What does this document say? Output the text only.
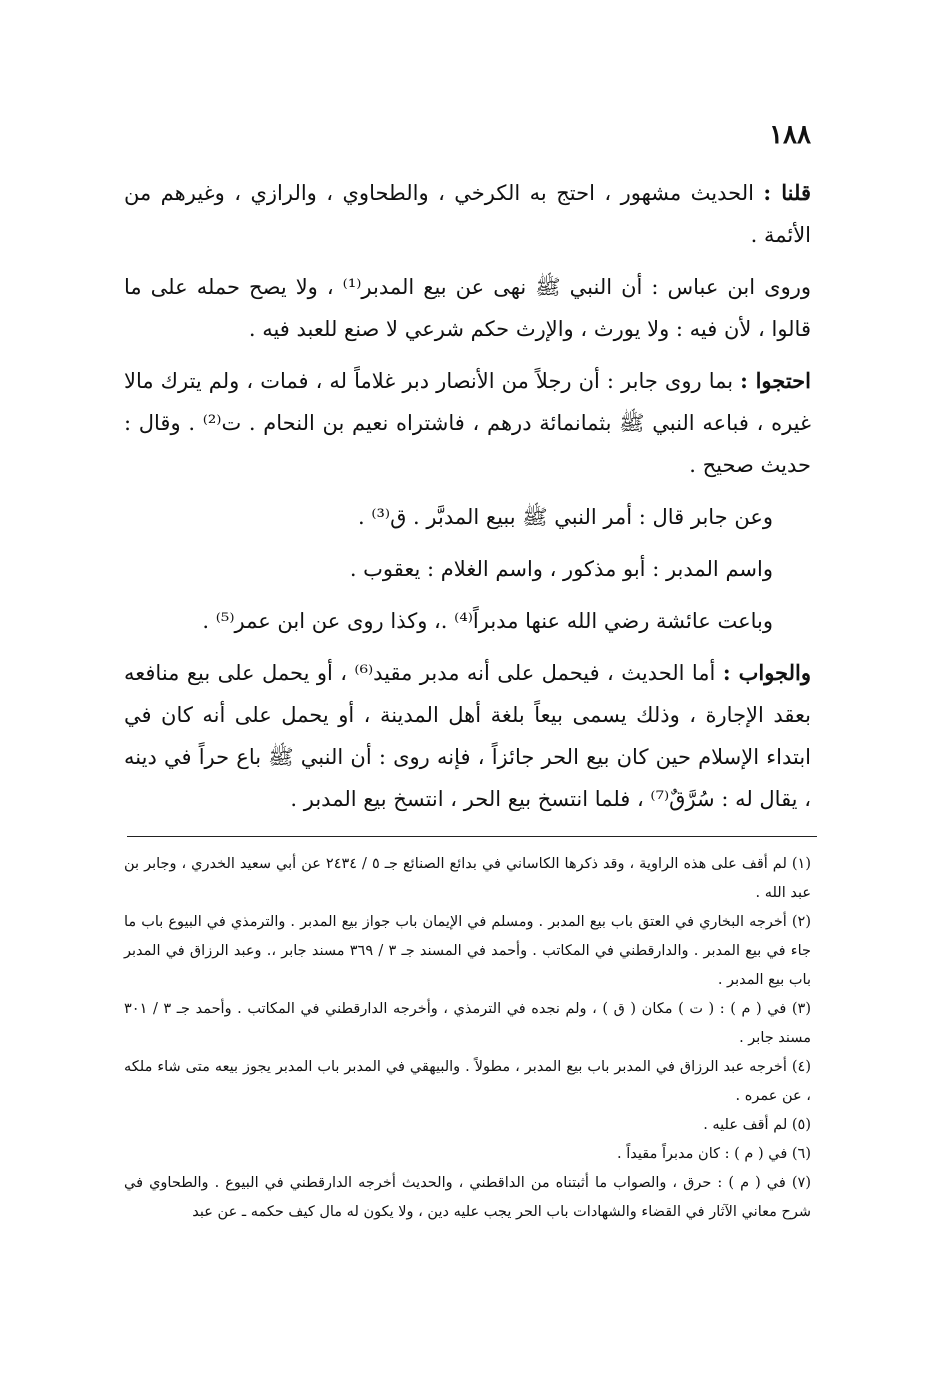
١٨٨

قلنا : الحديث مشهور ، احتج به الكرخي ، والطحاوي ، والرازي ، وغيرهم من الأئمة .

وروى ابن عباس : أن النبي ﷺ نهى عن بيع المدبر⁽¹⁾ ، ولا يصح حمله على ما قالوا ، لأن فيه : ولا يورث ، والإرث حكم شرعي لا صنع للعبد فيه .

احتجوا : بما روى جابر : أن رجلاً من الأنصار دبر غلاماً له ، فمات ، ولم يترك مالا غيره ، فباعه النبي ﷺ بثمانمائة درهم ، فاشتراه نعيم بن النحام . ت⁽²⁾ . وقال : حديث صحيح .

وعن جابر قال : أمر النبي ﷺ ببيع المدبَّر . ق⁽³⁾ .

واسم المدبر : أبو مذكور ، واسم الغلام : يعقوب .

وباعت عائشة رضي الله عنها مدبراً⁽⁴⁾ .، وكذا روى عن ابن عمر⁽⁵⁾ .

والجواب : أما الحديث ، فيحمل على أنه مدبر مقيد⁽⁶⁾ ، أو يحمل على بيع منافعه بعقد الإجارة ، وذلك يسمى بيعاً بلغة أهل المدينة ، أو يحمل على أنه كان في ابتداء الإسلام حين كان بيع الحر جائزاً ، فإنه روى : أن النبي ﷺ باع حراً في دينه ، يقال له : سُرَّقٌ⁽⁷⁾ ، فلما انتسخ بيع الحر ، انتسخ بيع المدبر .

(١) لم أقف على هذه الراوية ، وقد ذكرها الكاساني في بدائع الصنائع جـ ٥ / ٢٤٣٤ عن أبي سعيد الخدري ، وجابر بن عبد الله .

(٢) أخرجه البخاري في العتق باب بيع المدبر . ومسلم في الإيمان باب جواز بيع المدبر . والترمذي في البيوع باب ما جاء في بيع المدبر . والدارقطني في المكاتب . وأحمد في المسند جـ ٣ / ٣٦٩ مسند جابر ،. وعبد الرزاق في المدبر باب بيع المدبر .

(٣) في ( م ) : ( ت ) مكان ( ق ) ، ولم نجده في الترمذي ، وأخرجه الدارقطني في المكاتب . وأحمد جـ ٣ / ٣٠١ مسند جابر .

(٤) أخرجه عبد الرزاق في المدبر باب بيع المدبر ، مطولاً . والبيهقي في المدبر باب المدبر يجوز بيعه متى شاء ملكه ، عن عمره .

(٥) لم أقف عليه .

(٦) في ( م ) : كان مدبراً مقيداً .

(٧) في ( م ) : حرق ، والصواب ما أثبتناه من الداقطني ، والحديث أخرجه الدارقطني في البيوع . والطحاوي في شرح معاني الآثار في القضاء والشهادات باب الحر يجب عليه دين ، ولا يكون له مال كيف حكمه ـ عن عبد
